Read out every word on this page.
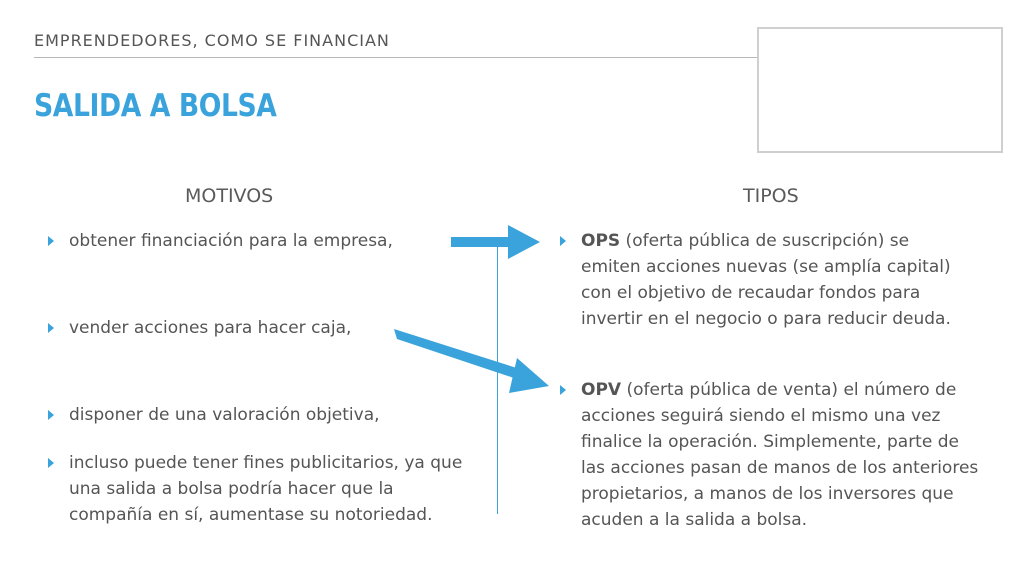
EMPRENDEDORES, COMO SE FINANCIAN
SALIDA A BOLSA
MOTIVOS	TIPOS
obtener financiación para la empresa,
vender acciones para hacer caja,
disponer de una valoración objetiva,
incluso puede tener fines publicitarios, ya que una salida a bolsa podría hacer que la compañía en sí, aumentase su notoriedad.
OPS (oferta pública de suscripción) se emiten acciones nuevas (se amplía capital) con el objetivo de recaudar fondos para invertir en el negocio o para reducir deuda.
OPV (oferta pública de venta) el número de acciones seguirá siendo el mismo una vez finalice la operación. Simplemente, parte de las acciones pasan de manos de los anteriores propietarios, a manos de los inversores que acuden a la salida a bolsa.
